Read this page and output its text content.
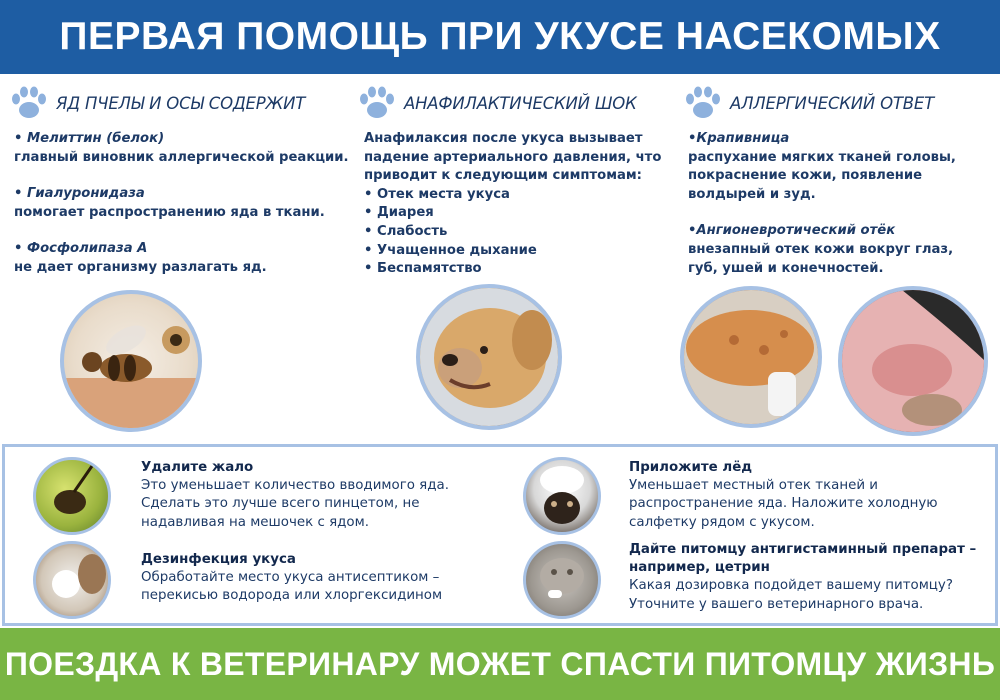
ПЕРВАЯ ПОМОЩЬ ПРИ УКУСЕ НАСЕКОМЫХ
ЯД ПЧЕЛЫ И ОСЫ СОДЕРЖИТ
• Мелиттин (белок)
главный виновник аллергической реакции.
• Гиалуронидаза
помогает распространению яда в ткани.
• Фосфолипаза А
не дает организму разлагать яд.
АНАФИЛАКТИЧЕСКИЙ ШОК
Анафилаксия после укуса вызывает падение артериального давления, что приводит к следующим симптомам:
• Отек места укуса
• Диарея
• Слабость
• Учащенное дыхание
• Беспамятство
АЛЛЕРГИЧЕСКИЙ ОТВЕТ
•Крапивница
распухание мягких тканей головы, покраснение кожи, появление волдырей и зуд.
•Ангионевротический отёк
внезапный отек кожи вокруг глаз, губ, ушей и конечностей.
Удалите жало
Это уменьшает количество вводимого яда. Сделать это лучше всего пинцетом, не надавливая на мешочек с ядом.
Дезинфекция укуса
Обработайте место укуса антисептиком – перекисью водорода или хлоргексидином
Приложите лёд
Уменьшает местный отек тканей и распространение яда. Наложите холодную салфетку рядом с укусом.
Дайте питомцу антигистаминный препарат – например, цетрин
Какая дозировка подойдет вашему питомцу? Уточните у вашего ветеринарного врача.
ПОЕЗДКА К ВЕТЕРИНАРУ МОЖЕТ СПАСТИ ПИТОМЦУ ЖИЗНЬ
